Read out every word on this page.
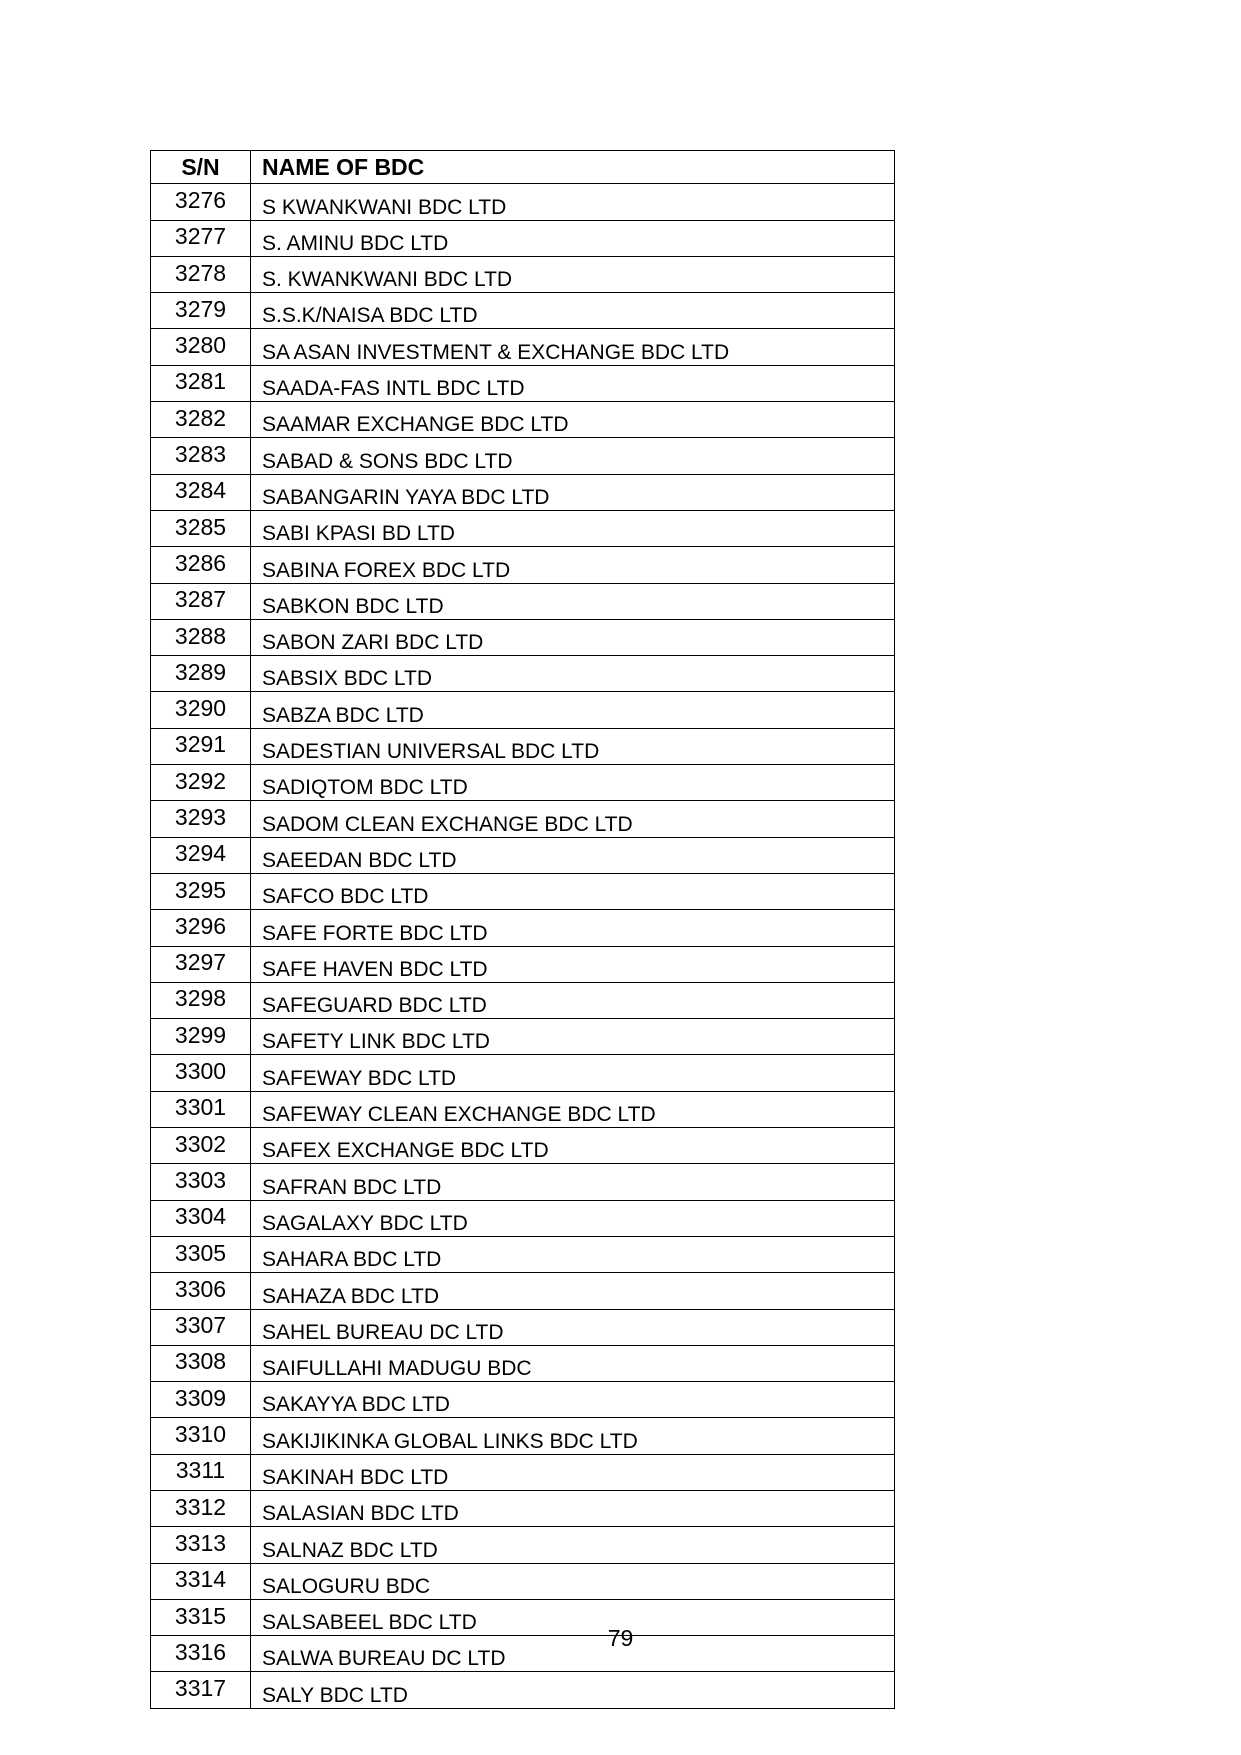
S/N	NAME OF BDC
3276	S KWANKWANI BDC LTD
3277	S. AMINU BDC LTD
3278	S. KWANKWANI BDC LTD
3279	S.S.K/NAISA BDC LTD
3280	SA ASAN INVESTMENT & EXCHANGE BDC LTD
3281	SAADA-FAS INTL BDC LTD
3282	SAAMAR EXCHANGE BDC LTD
3283	SABAD & SONS BDC LTD
3284	SABANGARIN YAYA BDC LTD
3285	SABI KPASI BD LTD
3286	SABINA FOREX BDC LTD
3287	SABKON BDC LTD
3288	SABON ZARI BDC LTD
3289	SABSIX BDC LTD
3290	SABZA BDC LTD
3291	SADESTIAN UNIVERSAL BDC LTD
3292	SADIQTOM BDC LTD
3293	SADOM CLEAN EXCHANGE BDC LTD
3294	SAEEDAN BDC LTD
3295	SAFCO BDC LTD
3296	SAFE FORTE BDC LTD
3297	SAFE HAVEN BDC LTD
3298	SAFEGUARD BDC LTD
3299	SAFETY LINK BDC LTD
3300	SAFEWAY BDC LTD
3301	SAFEWAY CLEAN EXCHANGE BDC LTD
3302	SAFEX EXCHANGE BDC LTD
3303	SAFRAN BDC LTD
3304	SAGALAXY BDC LTD
3305	SAHARA BDC LTD
3306	SAHAZA BDC LTD
3307	SAHEL BUREAU DC LTD
3308	SAIFULLAHI MADUGU BDC
3309	SAKAYYA BDC LTD
3310	SAKIJIKINKA GLOBAL LINKS BDC LTD
3311	SAKINAH BDC LTD
3312	SALASIAN BDC LTD
3313	SALNAZ BDC LTD
3314	SALOGURU BDC
3315	SALSABEEL BDC LTD
3316	SALWA BUREAU DC LTD
3317	SALY BDC LTD
79
